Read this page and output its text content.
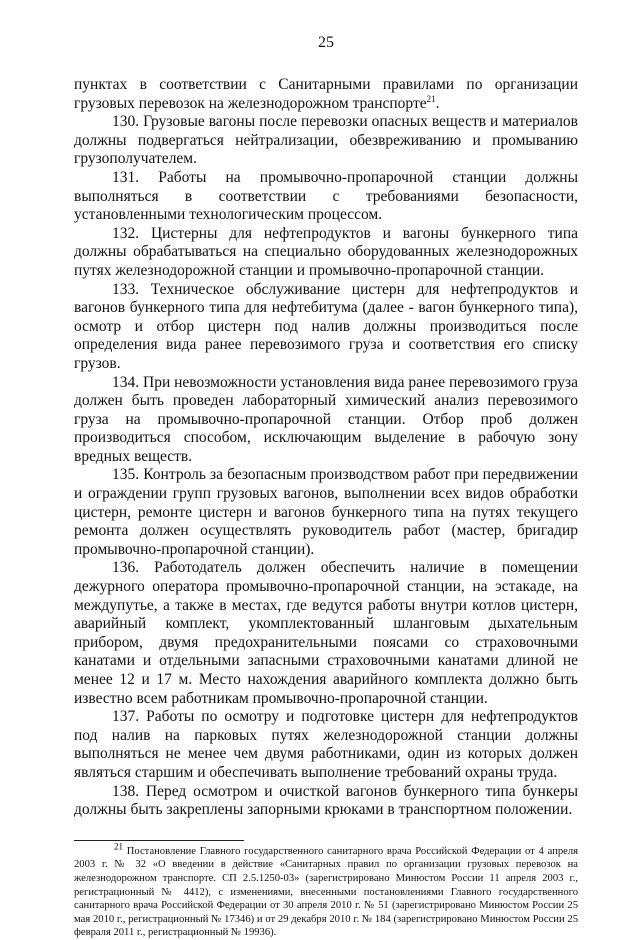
25

пунктах в соответствии с Санитарными правилами по организации грузовых перевозок на железнодорожном транспорте$^{21}$.

130. Грузовые вагоны после перевозки опасных веществ и материалов должны подвергаться нейтрализации, обезвреживанию и промыванию грузополучателем.

131. Работы на промывочно-пропарочной станции должны выполняться в соответствии с требованиями безопасности, установленными технологическим процессом.

132. Цистерны для нефтепродуктов и вагоны бункерного типа должны обрабатываться на специально оборудованных железнодорожных путях железнодорожной станции и промывочно-пропарочной станции.

133. Техническое обслуживание цистерн для нефтепродуктов и вагонов бункерного типа для нефтебитума (далее - вагон бункерного типа), осмотр и отбор цистерн под налив должны производиться после определения вида ранее перевозимого груза и соответствия его списку грузов.

134. При невозможности установления вида ранее перевозимого груза должен быть проведен лабораторный химический анализ перевозимого груза на промывочно-пропарочной станции. Отбор проб должен производиться способом, исключающим выделение в рабочую зону вредных веществ.

135. Контроль за безопасным производством работ при передвижении и ограждении групп грузовых вагонов, выполнении всех видов обработки цистерн, ремонте цистерн и вагонов бункерного типа на путях текущего ремонта должен осуществлять руководитель работ (мастер, бригадир промывочно-пропарочной станции).

136. Работодатель должен обеспечить наличие в помещении дежурного оператора промывочно-пропарочной станции, на эстакаде, на междупутье, а также в местах, где ведутся работы внутри котлов цистерн, аварийный комплект, укомплектованный шланговым дыхательным прибором, двумя предохранительными поясами со страховочными канатами и отдельными запасными страховочными канатами длиной не менее 12 и 17 м. Место нахождения аварийного комплекта должно быть известно всем работникам промывочно-пропарочной станции.

137. Работы по осмотру и подготовке цистерн для нефтепродуктов под налив на парковых путях железнодорожной станции должны выполняться не менее чем двумя работниками, один из которых должен являться старшим и обеспечивать выполнение требований охраны труда.

138. Перед осмотром и очисткой вагонов бункерного типа бункеры должны быть закреплены запорными крюками в транспортном положении.

$^{21}$ Постановление Главного государственного санитарного врача Российской Федерации от 4 апреля 2003 г. № 32 «О введении в действие «Санитарных правил по организации грузовых перевозок на железнодорожном транспорте. СП 2.5.1250-03» (зарегистрировано Минюстом России 11 апреля 2003 г., регистрационный № 4412), с изменениями, внесенными постановлениями Главного государственного санитарного врача Российской Федерации от 30 апреля 2010 г. № 51 (зарегистрировано Минюстом России 25 мая 2010 г., регистрационный № 17346) и от 29 декабря 2010 г. № 184 (зарегистрировано Минюстом России 25 февраля 2011 г., регистрационный № 19936).
